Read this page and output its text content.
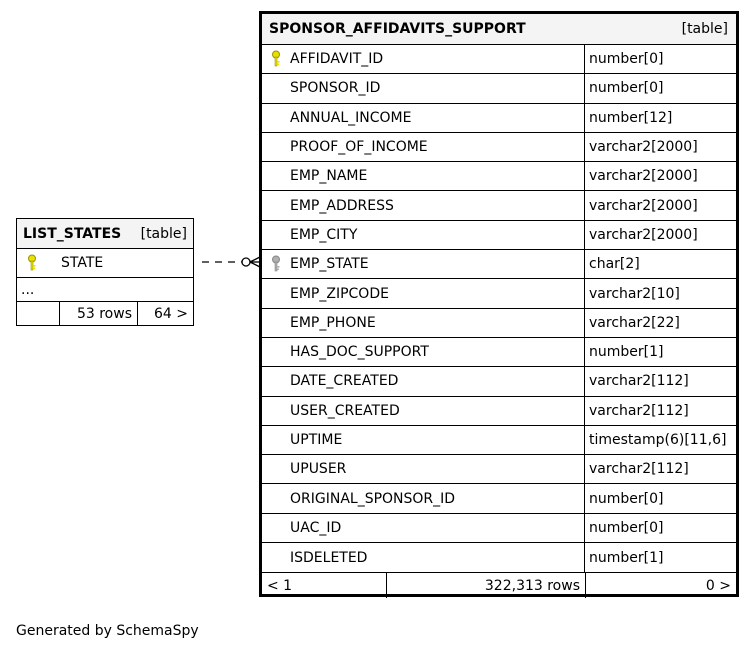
LIST_STATES [table]
STATE
...
53 rows	64 >
SPONSOR_AFFIDAVITS_SUPPORT	[table]
AFFIDAVIT_ID	number[0]
SPONSOR_ID	number[0]
ANNUAL_INCOME	number[12]
PROOF_OF_INCOME	varchar2[2000]
EMP_NAME	varchar2[2000]
EMP_ADDRESS	varchar2[2000]
EMP_CITY	varchar2[2000]
EMP_STATE	char[2]
EMP_ZIPCODE	varchar2[10]
EMP_PHONE	varchar2[22]
HAS_DOC_SUPPORT	number[1]
DATE_CREATED	varchar2[112]
USER_CREATED	varchar2[112]
UPTIME	timestamp(6)[11,6]
UPUSER	varchar2[112]
ORIGINAL_SPONSOR_ID	number[0]
UAC_ID	number[0]
ISDELETED	number[1]
< 1	322,313 rows	0 >
Generated by SchemaSpy
